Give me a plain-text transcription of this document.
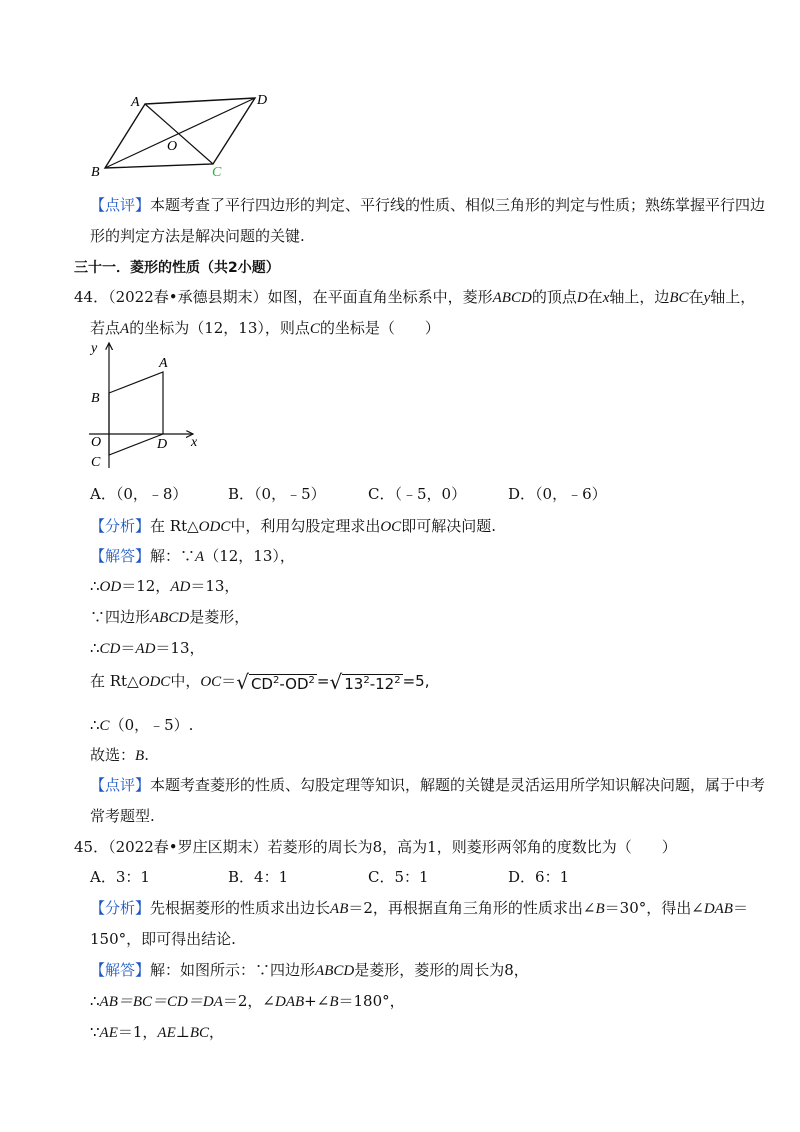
A	D
O
B	C
【点评】本题考查了平行四边形的判定、平行线的性质、相似三角形的判定与性质；熟练掌握平行四边
形的判定方法是解决问题的关键.
三十一．菱形的性质（共2小题）
44．（2022春•承德县期末）如图，在平面直角坐标系中，菱形ABCD的顶点D在x轴上，边BC在y轴上，
若点A的坐标为（12，13），则点C的坐标是（　　）
y
A
B
O	D x
C
A．（0，﹣8）	B．（0，﹣5）	C．（﹣5，0）	D．（0，﹣6）
【分析】在 Rt△ODC中，利用勾股定理求出OC即可解决问题.
【解答】解：∵A（12，13），
∴OD＝12，AD＝13，
∵四边形ABCD是菱形，
∴CD＝AD＝13，
在 Rt△ODC中，OC＝√ $CD^2-OD^2$ =√ $13^2-12^2 =5$,
∴C（0，﹣5）.
故选：B.
【点评】本题考查菱形的性质、勾股定理等知识，解题的关键是灵活运用所学知识解决问题，属于中考
常考题型.
45．（2022春•罗庄区期末）若菱形的周长为8，高为1，则菱形两邻角的度数比为（　　）
A．3：1	B．4：1	C．5：1	D．6：1
【分析】先根据菱形的性质求出边长AB＝2，再根据直角三角形的性质求出∠B＝30°，得出∠DAB＝
150°，即可得出结论.
【解答】解：如图所示：∵四边形ABCD是菱形，菱形的周长为8，
∴AB＝BC＝CD＝DA＝2，∠DAB+∠B＝180°，
∵AE＝1，AE⊥BC，
